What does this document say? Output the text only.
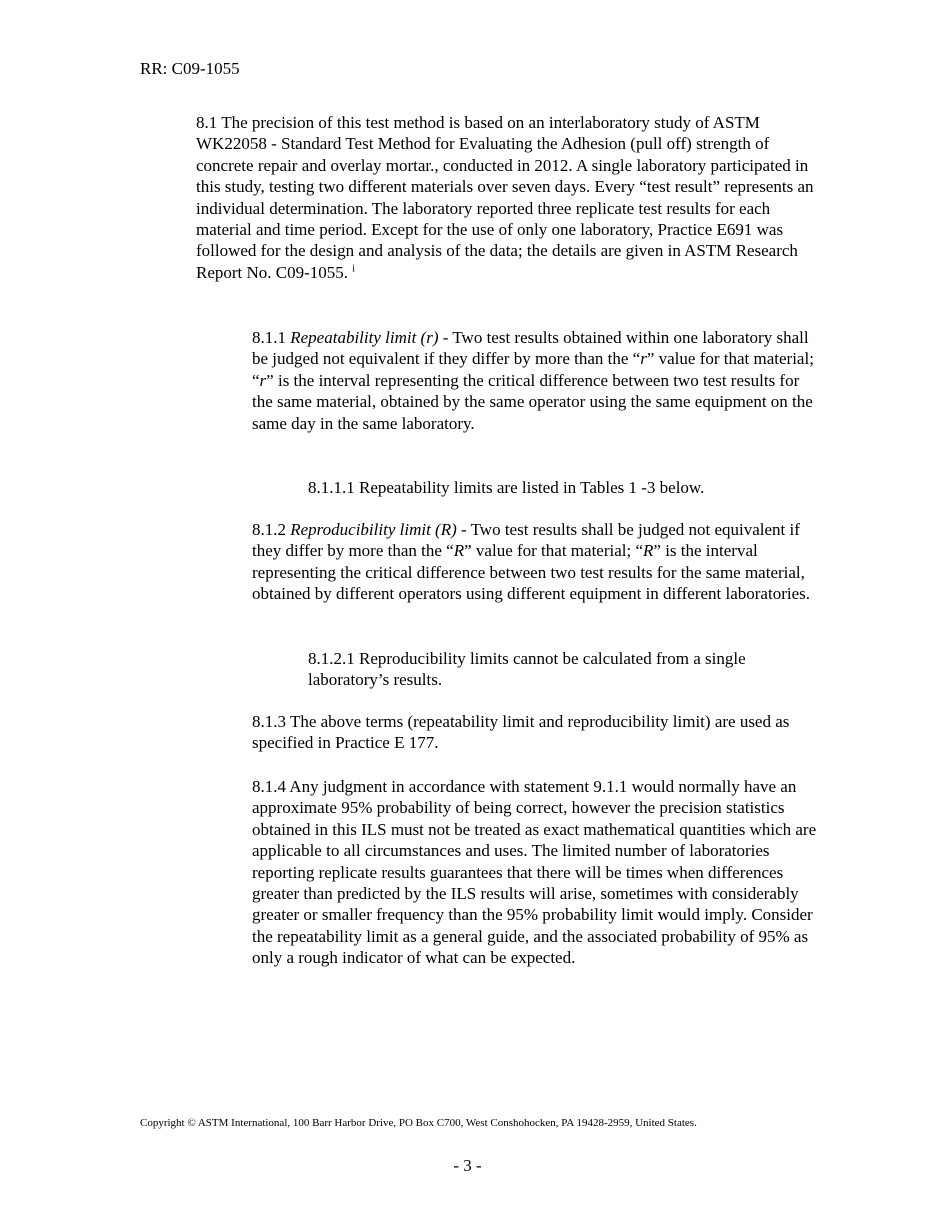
RR: C09-1055

8.1 The precision of this test method is based on an interlaboratory study of ASTM WK22058 - Standard Test Method for Evaluating the Adhesion (pull off) strength of concrete repair and overlay mortar., conducted in 2012. A single laboratory participated in this study, testing two different materials over seven days. Every “test result” represents an individual determination. The laboratory reported three replicate test results for each material and time period. Except for the use of only one laboratory, Practice E691 was followed for the design and analysis of the data; the details are given in ASTM Research Report No. C09-1055. $^i$

8.1.1 Repeatability limit (r) - Two test results obtained within one laboratory shall be judged not equivalent if they differ by more than the “r” value for that material; “r” is the interval representing the critical difference between two test results for the same material, obtained by the same operator using the same equipment on the same day in the same laboratory.

8.1.1.1 Repeatability limits are listed in Tables 1 -3 below.

8.1.2 Reproducibility limit (R) - Two test results shall be judged not equivalent if they differ by more than the “R” value for that material; “R” is the interval representing the critical difference between two test results for the same material, obtained by different operators using different equipment in different laboratories.

8.1.2.1 Reproducibility limits cannot be calculated from a single laboratory’s results.

8.1.3 The above terms (repeatability limit and reproducibility limit) are used as specified in Practice E 177.

8.1.4 Any judgment in accordance with statement 9.1.1 would normally have an approximate 95% probability of being correct, however the precision statistics obtained in this ILS must not be treated as exact mathematical quantities which are applicable to all circumstances and uses. The limited number of laboratories reporting replicate results guarantees that there will be times when differences greater than predicted by the ILS results will arise, sometimes with considerably greater or smaller frequency than the 95% probability limit would imply. Consider the repeatability limit as a general guide, and the associated probability of 95% as only a rough indicator of what can be expected.

Copyright © ASTM International, 100 Barr Harbor Drive, PO Box C700, West Conshohocken, PA 19428-2959, United States.

- 3 -
